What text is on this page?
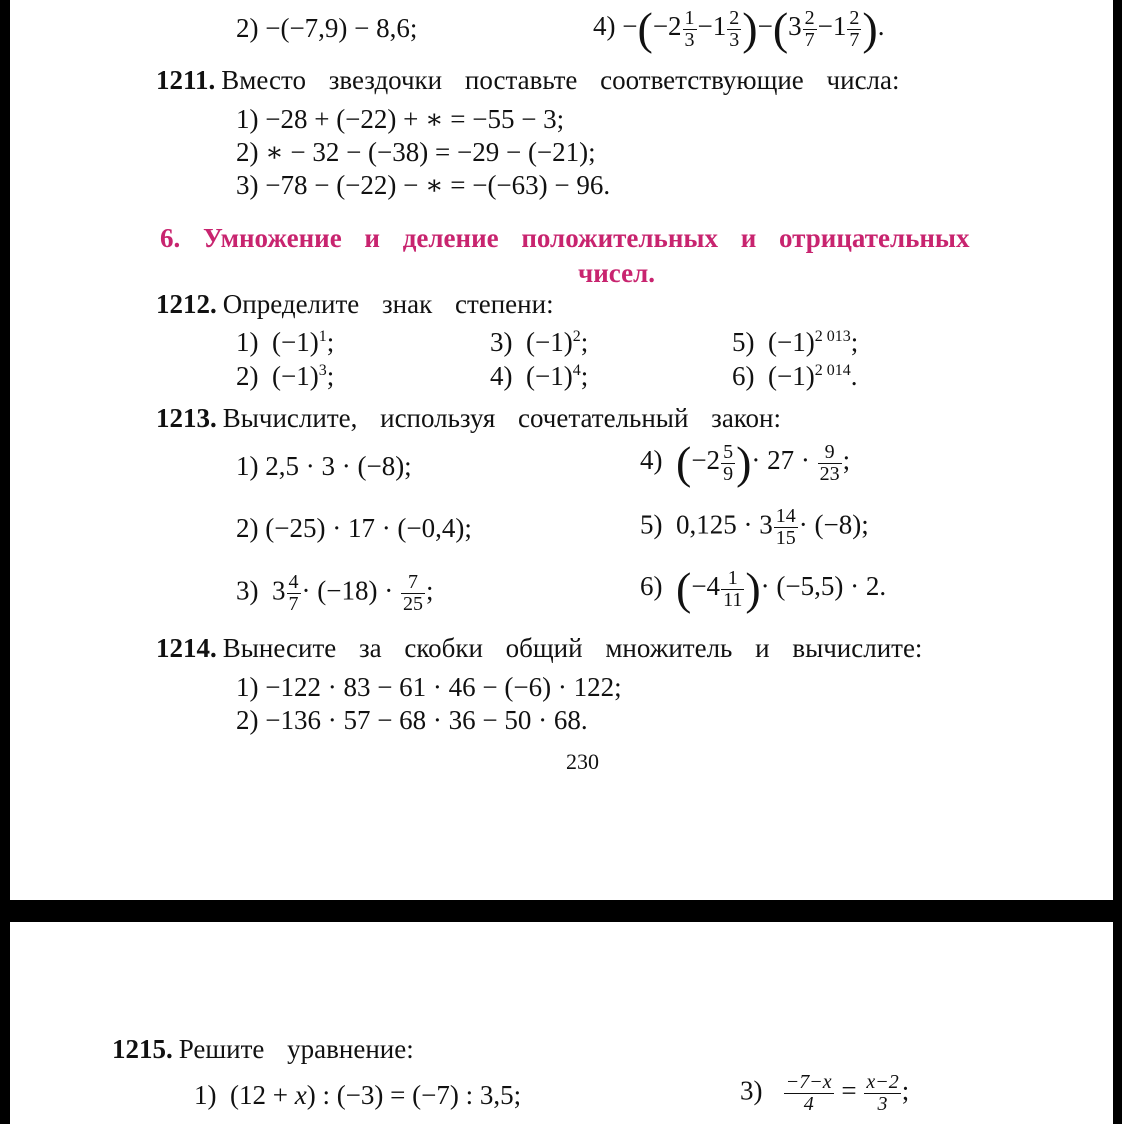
2) −(−7,9) − 8,6;	$4) -(-2 \frac{1}{3} -1 \frac{2}{3} )-(3 \frac{2}{7} -1 \frac{2}{7}$ ).
1211. Вместо звездочки поставьте соответствующие числа:
1) −28 + (−22) + ∗ = −55 − 3;
2) ∗ − 32 − (−38) = −29 − (−21);
3) −78 − (−22) − ∗ = −(−63) − 96.
6. Умножение и деление положительных и отрицательных
чисел.
1212. Определите знак степени:
1) $(-1)^1$;	3) $(-1)^2$;	5) $(-1)^{2 013}$;
2) $(-1)^3$;	4) $(-1)^4$;	6) $(-1)^{2 014}$.
1213. Вычислите, используя сочетательный закон:
1) 2,5 · 3 · (−8);	4) ($-2 \frac{5}{9}$ )· $27 \cdot \frac{9}{23}$ ;
2) (−25) · 17 · (−0,4);	5) $0,125 \cdot 3 \frac{14}{15} \cdot (-8)$;
3) $3 \frac{4}{7} \cdot (-18) \cdot \frac{7}{25}$ ;	6) ($-4 \frac{1}{11}$ )· (−5,5) · 2.
1214. Вынесите за скобки общий множитель и вычислите:
1) −122 · 83 − 61 · 46 − (−6) · 122;
2) −136 · 57 − 68 · 36 − 50 · 68.
230
1215. Решите уравнение:
1) (12 + x) : (−3) = (−7) : 3,5;	$3) \frac{-7-x}{4} = \frac{x-2}{3}$ ;
